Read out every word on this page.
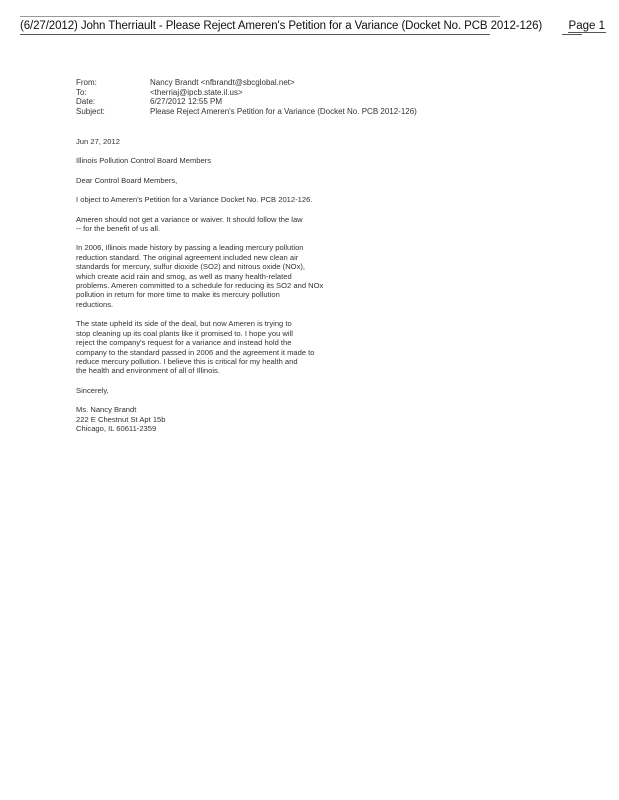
(6/27/2012) John Therriault - Please Reject Ameren's Petition for a Variance (Docket No. PCB 2012-126) Page 1
From:	Nancy Brandt <nfbrandt@sbcglobal.net>
To:	<therriaj@ipcb.state.il.us>
Date:	6/27/2012 12:55 PM
Subject:	Please Reject Ameren's Petition for a Variance (Docket No. PCB 2012-126)

Jun 27, 2012

Illinois Pollution Control Board Members

Dear Control Board Members,

I object to Ameren's Petition for a Variance Docket No. PCB 2012-126.

Ameren should not get a variance or waiver. It should follow the law
-- for the benefit of us all.

In 2006, Illinois made history by passing a leading mercury pollution
reduction standard. The original agreement included new clean air
standards for mercury, sulfur dioxide (SO2) and nitrous oxide (NOx),
which create acid rain and smog, as well as many health-related
problems. Ameren committed to a schedule for reducing its SO2 and NOx
pollution in return for more time to make its mercury pollution
reductions.

The state upheld its side of the deal, but now Ameren is trying to
stop cleaning up its coal plants like it promised to. I hope you will
reject the company's request for a variance and instead hold the
company to the standard passed in 2006 and the agreement it made to
reduce mercury pollution. I believe this is critical for my health and
the health and environment of all of Illinois.

Sincerely,

Ms. Nancy Brandt
222 E Chestnut St Apt 15b
Chicago, IL 60611-2359
